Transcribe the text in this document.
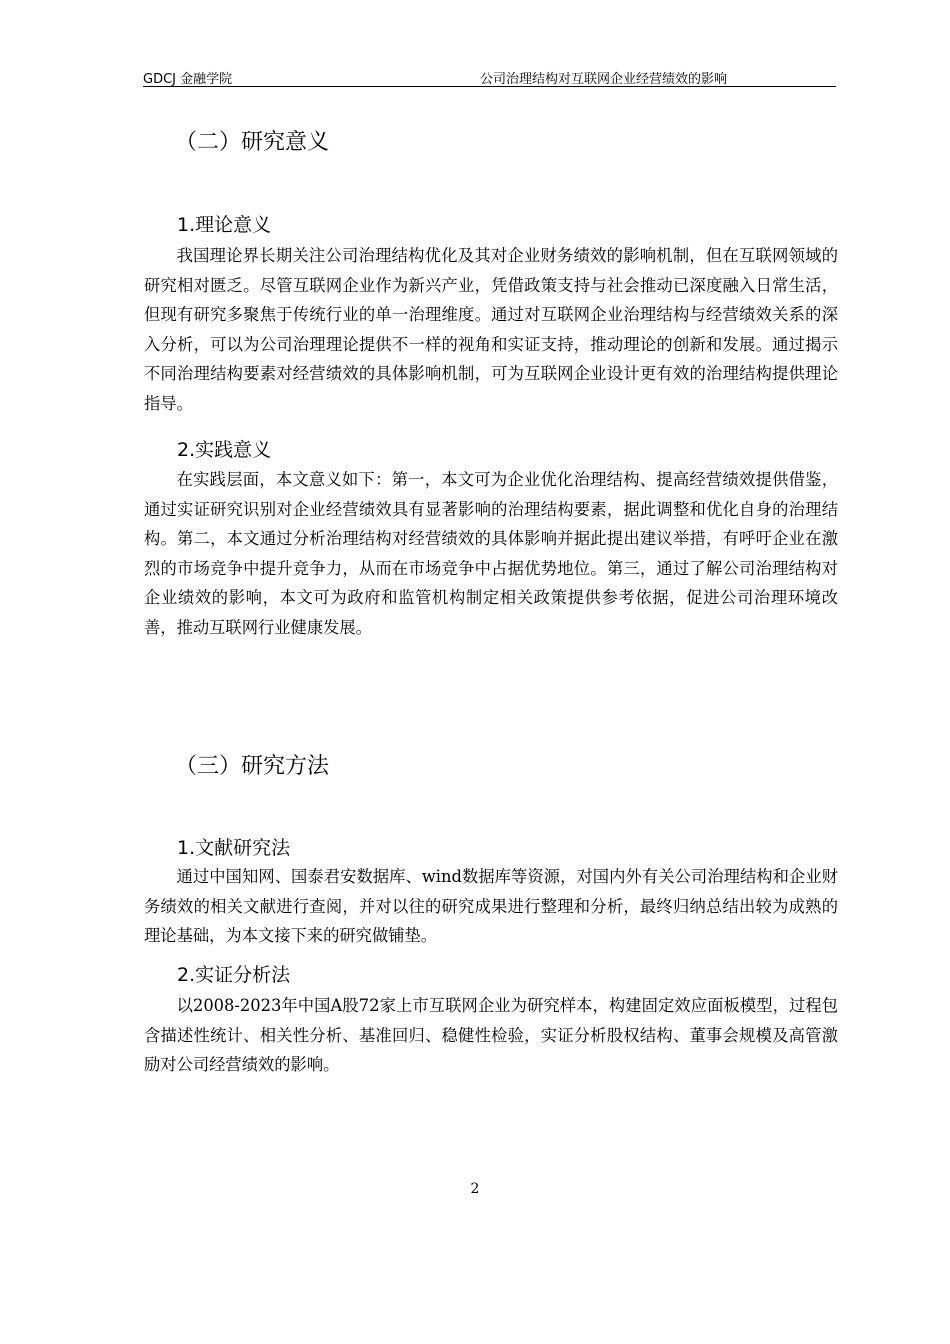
GDCJ 金融学院	公司治理结构对互联网企业经营绩效的影响
（二）研究意义
1.理论意义

我国理论界长期关注公司治理结构优化及其对企业财务绩效的影响机制，但在互联网领域的研究相对匮乏。尽管互联网企业作为新兴产业，凭借政策支持与社会推动已深度融入日常生活，但现有研究多聚焦于传统行业的单一治理维度。通过对互联网企业治理结构与经营绩效关系的深入分析，可以为公司治理理论提供不一样的视角和实证支持，推动理论的创新和发展。通过揭示不同治理结构要素对经营绩效的具体影响机制，可为互联网企业设计更有效的治理结构提供理论指导。

2.实践意义

在实践层面，本文意义如下：第一，本文可为企业优化治理结构、提高经营绩效提供借鉴，通过实证研究识别对企业经营绩效具有显著影响的治理结构要素，据此调整和优化自身的治理结构。第二，本文通过分析治理结构对经营绩效的具体影响并据此提出建议举措，有呼吁企业在激烈的市场竞争中提升竞争力，从而在市场竞争中占据优势地位。第三，通过了解公司治理结构对企业绩效的影响，本文可为政府和监管机构制定相关政策提供参考依据，促进公司治理环境改善，推动互联网行业健康发展。

（三）研究方法
1.文献研究法

通过中国知网、国泰君安数据库、wind数据库等资源，对国内外有关公司治理结构和企业财务绩效的相关文献进行查阅，并对以往的研究成果进行整理和分析，最终归纳总结出较为成熟的理论基础，为本文接下来的研究做铺垫。

2.实证分析法

以2008-2023年中国A股72家上市互联网企业为研究样本，构建固定效应面板模型，过程包含描述性统计、相关性分析、基准回归、稳健性检验，实证分析股权结构、董事会规模及高管激励对公司经营绩效的影响。

2
